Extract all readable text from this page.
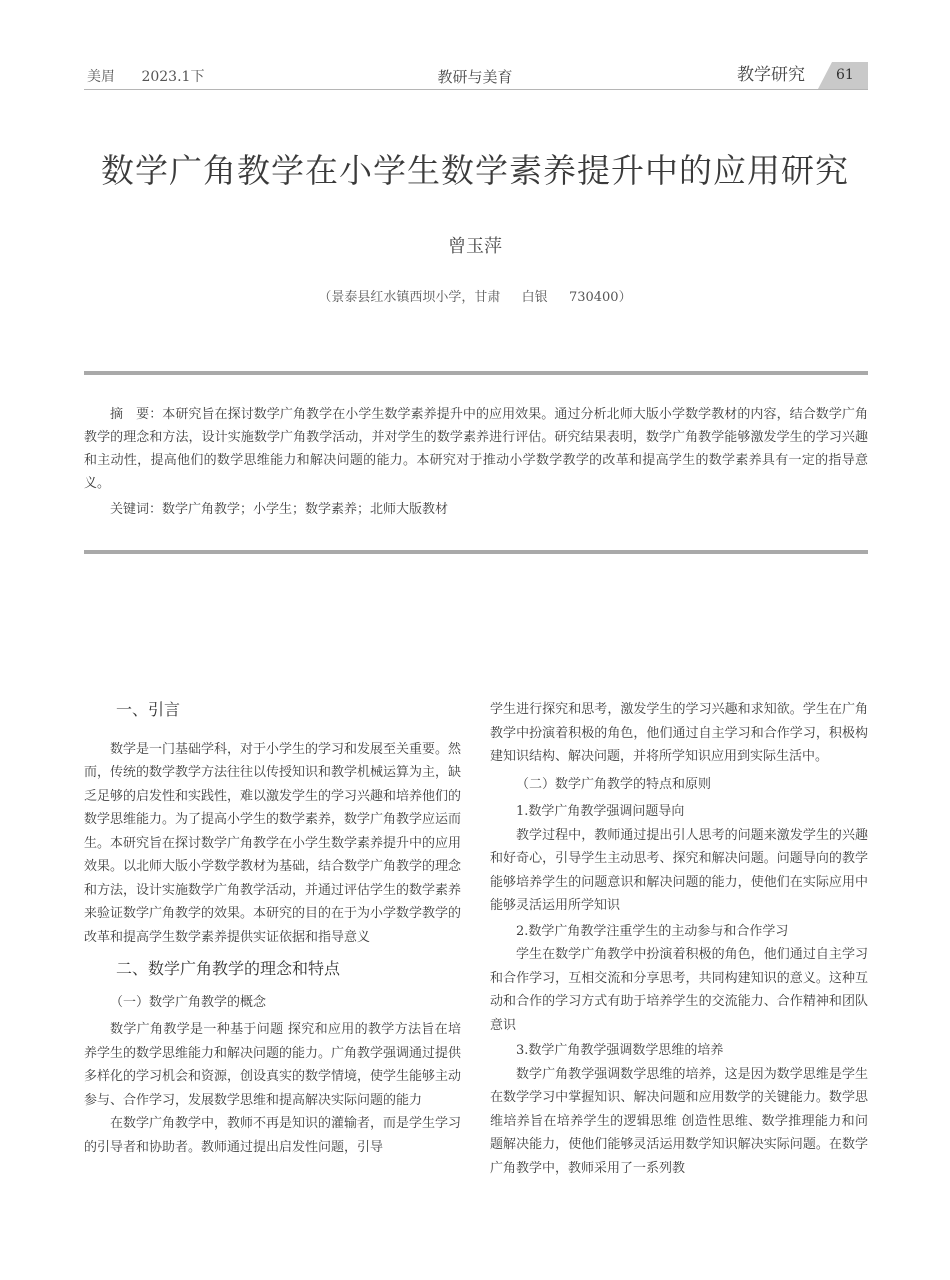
美眉 2023.1下	教研与美育	教学研究 61
数学广角教学在小学生数学素养提升中的应用研究
曾玉萍
（景泰县红水镇西坝小学，甘肃　  白银　  730400）

摘　要：本研究旨在探讨数学广角教学在小学生数学素养提升中的应用效果。通过分析北师大版小学数学教材的内容，结合数学广角教学的理念和方法，设计实施数学广角教学活动，并对学生的数学素养进行评估。研究结果表明，数学广角教学能够激发学生的学习兴趣和主动性，提高他们的数学思维能力和解决问题的能力。本研究对于推动小学数学教学的改革和提高学生的数学素养具有一定的指导意义。

关键词：数学广角教学；小学生；数学素养；北师大版教材

一、引言

数学是一门基础学科，对于小学生的学习和发展至关重要。然而，传统的数学教学方法往往以传授知识和教学机械运算为主，缺乏足够的启发性和实践性，难以激发学生的学习兴趣和培养他们的数学思维能力。为了提高小学生的数学素养，数学广角教学应运而生。本研究旨在探讨数学广角教学在小学生数学素养提升中的应用效果。以北师大版小学数学教材为基础，结合数学广角教学的理念和方法，设计实施数学广角教学活动，并通过评估学生的数学素养来验证数学广角教学的效果。本研究的目的在于为小学数学教学的改革和提高学生数学素养提供实证依据和指导意义

二、数学广角教学的理念和特点

（一）数学广角教学的概念

数学广角教学是一种基于问题 探究和应用的教学方法旨在培养学生的数学思维能力和解决问题的能力。广角教学强调通过提供多样化的学习机会和资源，创设真实的数学情境，使学生能够主动参与、合作学习，发展数学思维和提高解决实际问题的能力

在数学广角教学中，教师不再是知识的灌输者，而是学生学习的引导者和协助者。教师通过提出启发性问题，引导

学生进行探究和思考，激发学生的学习兴趣和求知欲。学生在广角教学中扮演着积极的角色，他们通过自主学习和合作学习，积极构建知识结构、解决问题，并将所学知识应用到实际生活中。

（二）数学广角教学的特点和原则

1.数学广角教学强调问题导向

教学过程中，教师通过提出引人思考的问题来激发学生的兴趣和好奇心，引导学生主动思考、探究和解决问题。问题导向的教学能够培养学生的问题意识和解决问题的能力，使他们在实际应用中能够灵活运用所学知识

2.数学广角教学注重学生的主动参与和合作学习

学生在数学广角教学中扮演着积极的角色，他们通过自主学习和合作学习，互相交流和分享思考，共同构建知识的意义。这种互动和合作的学习方式有助于培养学生的交流能力、合作精神和团队意识

3.数学广角教学强调数学思维的培养

数学广角教学强调数学思维的培养，这是因为数学思维是学生在数学学习中掌握知识、解决问题和应用数学的关键能力。数学思维培养旨在培养学生的逻辑思维 创造性思维、数学推理能力和问题解决能力，使他们能够灵活运用数学知识解决实际问题。在数学广角教学中，教师采用了一系列教
